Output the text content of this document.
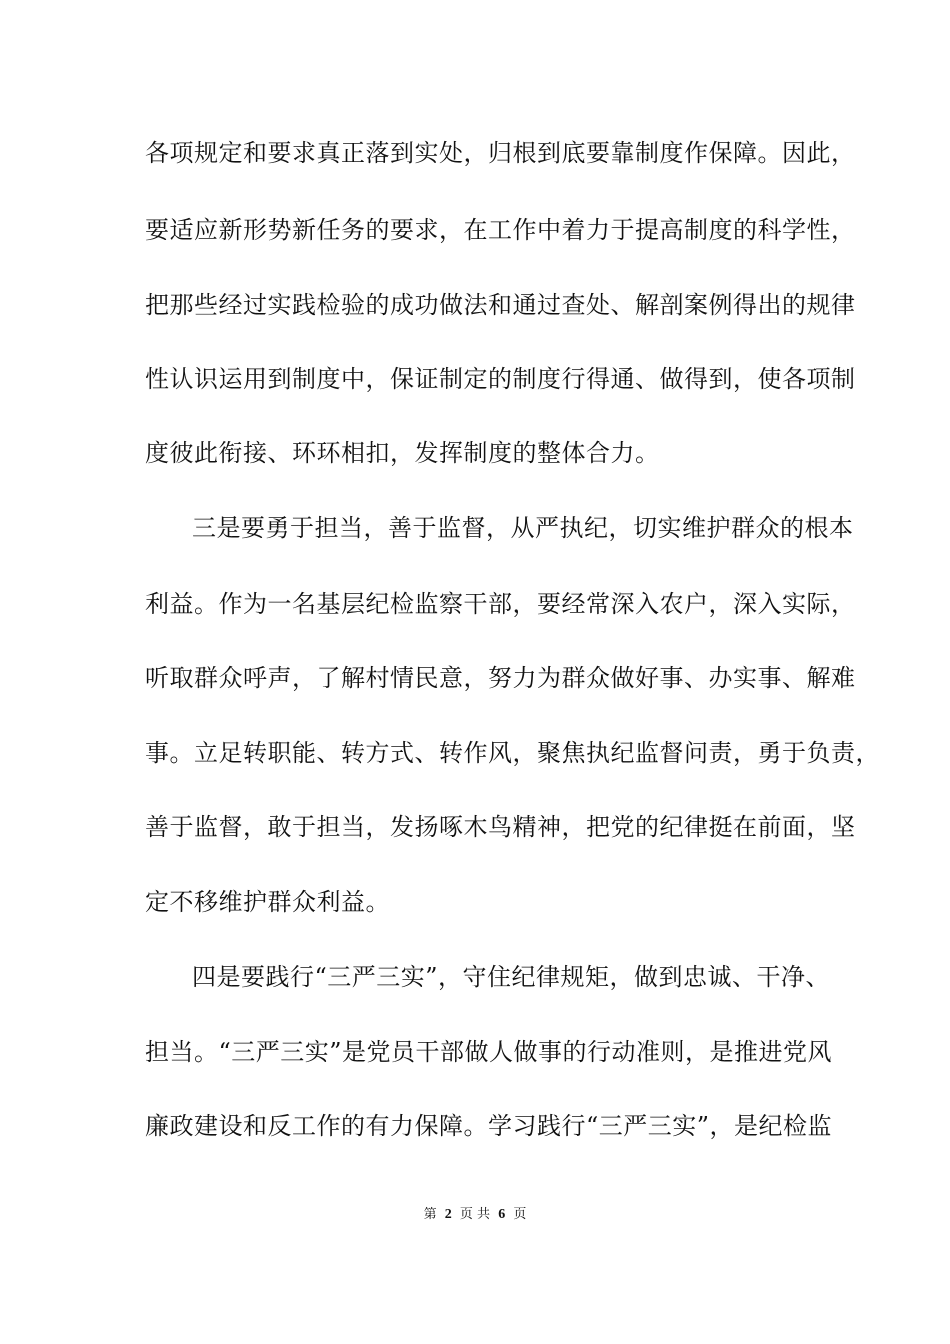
各项规定和要求真正落到实处，归根到底要靠制度作保障。因此，
要适应新形势新任务的要求，在工作中着力于提高制度的科学性，
把那些经过实践检验的成功做法和通过查处、解剖案例得出的规律
性认识运用到制度中，保证制定的制度行得通、做得到，使各项制
度彼此衔接、环环相扣，发挥制度的整体合力。
三是要勇于担当，善于监督，从严执纪，切实维护群众的根本
利益。作为一名基层纪检监察干部，要经常深入农户，深入实际，
听取群众呼声，了解村情民意，努力为群众做好事、办实事、解难
事。立足转职能、转方式、转作风，聚焦执纪监督问责，勇于负责，
善于监督，敢于担当，发扬啄木鸟精神，把党的纪律挺在前面，坚
定不移维护群众利益。
四是要践行“三严三实”，守住纪律规矩，做到忠诚、干净、
担当。“三严三实”是党员干部做人做事的行动准则，是推进党风
廉政建设和反工作的有力保障。学习践行“三严三实”，是纪检监
第 2 页 共 6 页
